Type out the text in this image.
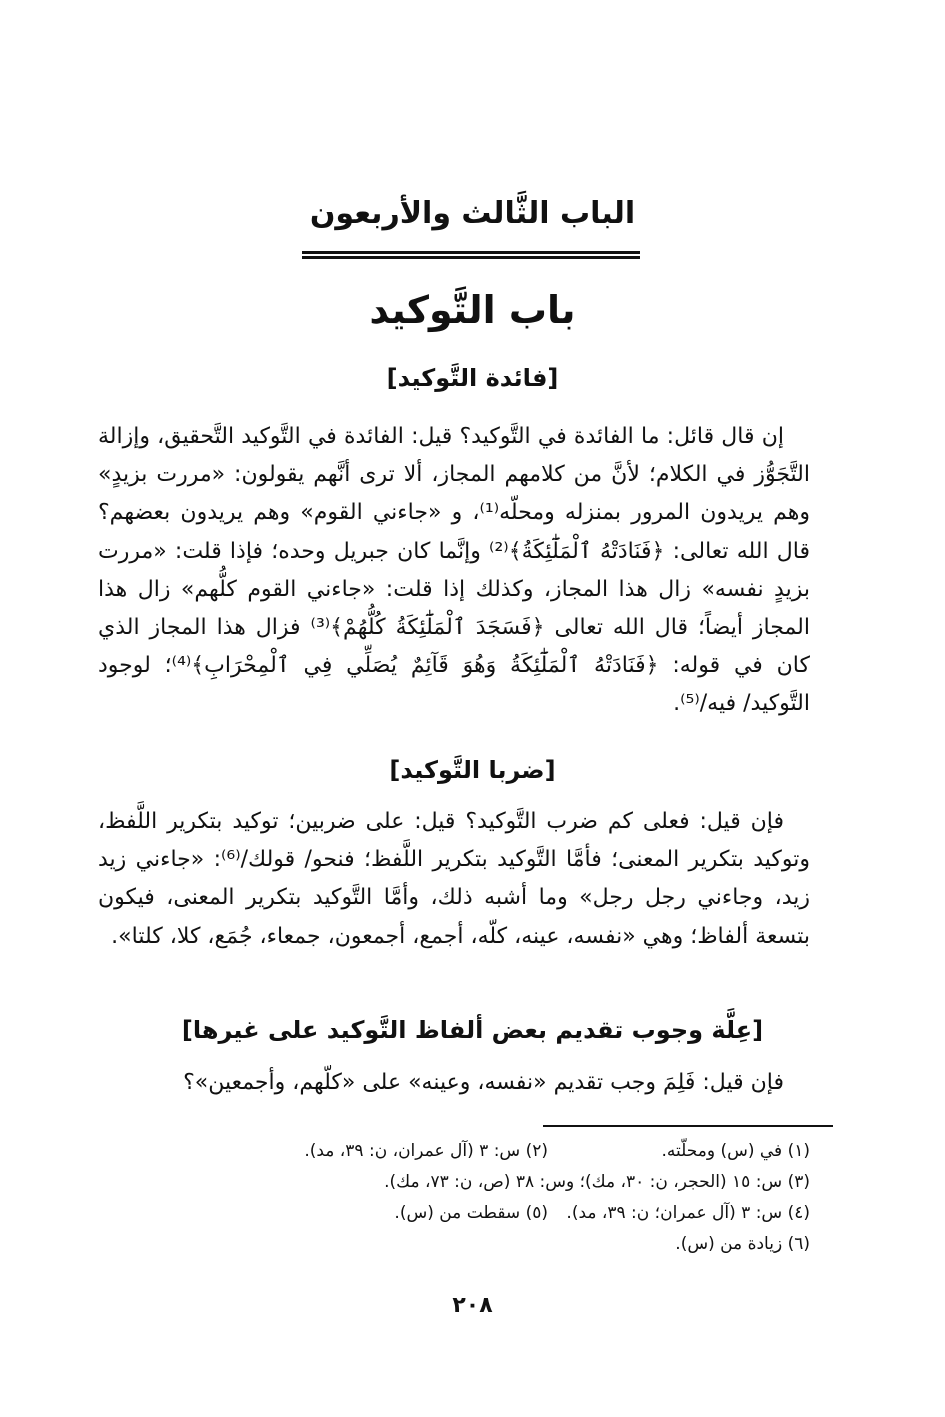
الباب الثَّالث والأربعون
باب التَّوكيد
[فائدة التَّوكيد]
إن قال قائل: ما الفائدة في التَّوكيد؟ قيل: الفائدة في التَّوكيد التَّحقيق، وإزالة التَّجَوُّز في الكلام؛ لأنَّ من كلامهم المجاز، ألا ترى أنَّهم يقولون: «مررت بزيدٍ» وهم يريدون المرور بمنزله ومحلّه⁽¹⁾، و «جاءني القوم» وهم يريدون بعضهم؟ قال الله تعالى: ﴿فَنَادَتْهُ ٱلْمَلَٰٓئِكَةُ﴾⁽²⁾ وإنَّما كان جبريل وحده؛ فإذا قلت: «مررت بزيدٍ نفسه» زال هذا المجاز، وكذلك إذا قلت: «جاءني القوم كلُّهم» زال هذا المجاز أيضاً؛ قال الله تعالى ﴿فَسَجَدَ ٱلْمَلَٰٓئِكَةُ كُلُّهُمْ﴾⁽³⁾ فزال هذا المجاز الذي كان في قوله: ﴿فَنَادَتْهُ ٱلْمَلَٰٓئِكَةُ وَهُوَ قَآئِمٌ يُصَلِّي فِي ٱلْمِحْرَابِ﴾⁽⁴⁾؛ لوجود التَّوكيد/ فيه/⁽⁵⁾.
[ضربا التَّوكيد]
فإن قيل: فعلى كم ضرب التَّوكيد؟ قيل: على ضربين؛ توكيد بتكرير اللَّفظ، وتوكيد بتكرير المعنى؛ فأمَّا التَّوكيد بتكرير اللَّفظ؛ فنحو/ قولك/⁽⁶⁾: «جاءني زيد زيد، وجاءني رجل رجل» وما أشبه ذلك، وأمَّا التَّوكيد بتكرير المعنى، فيكون بتسعة ألفاظ؛ وهي «نفسه، عينه، كلّه، أجمع، أجمعون، جمعاء، جُمَع، كلا، كلتا».
[عِلَّة وجوب تقديم بعض ألفاظ التَّوكيد على غيرها]
فإن قيل: فَلِمَ وجب تقديم «نفسه، وعينه» على «كلّهم، وأجمعين»؟
(١) في (س) ومحلّته.
(٢) س: ٣ (آل عمران، ن: ٣٩، مد).
(٣) س: ١٥ (الحجر، ن: ٣٠، مك)؛ وس: ٣٨ (ص، ن: ٧٣، مك).
(٤) س: ٣ (آل عمران؛ ن: ٣٩، مد).
(٥) سقطت من (س).
(٦) زيادة من (س).
٢٠٨
